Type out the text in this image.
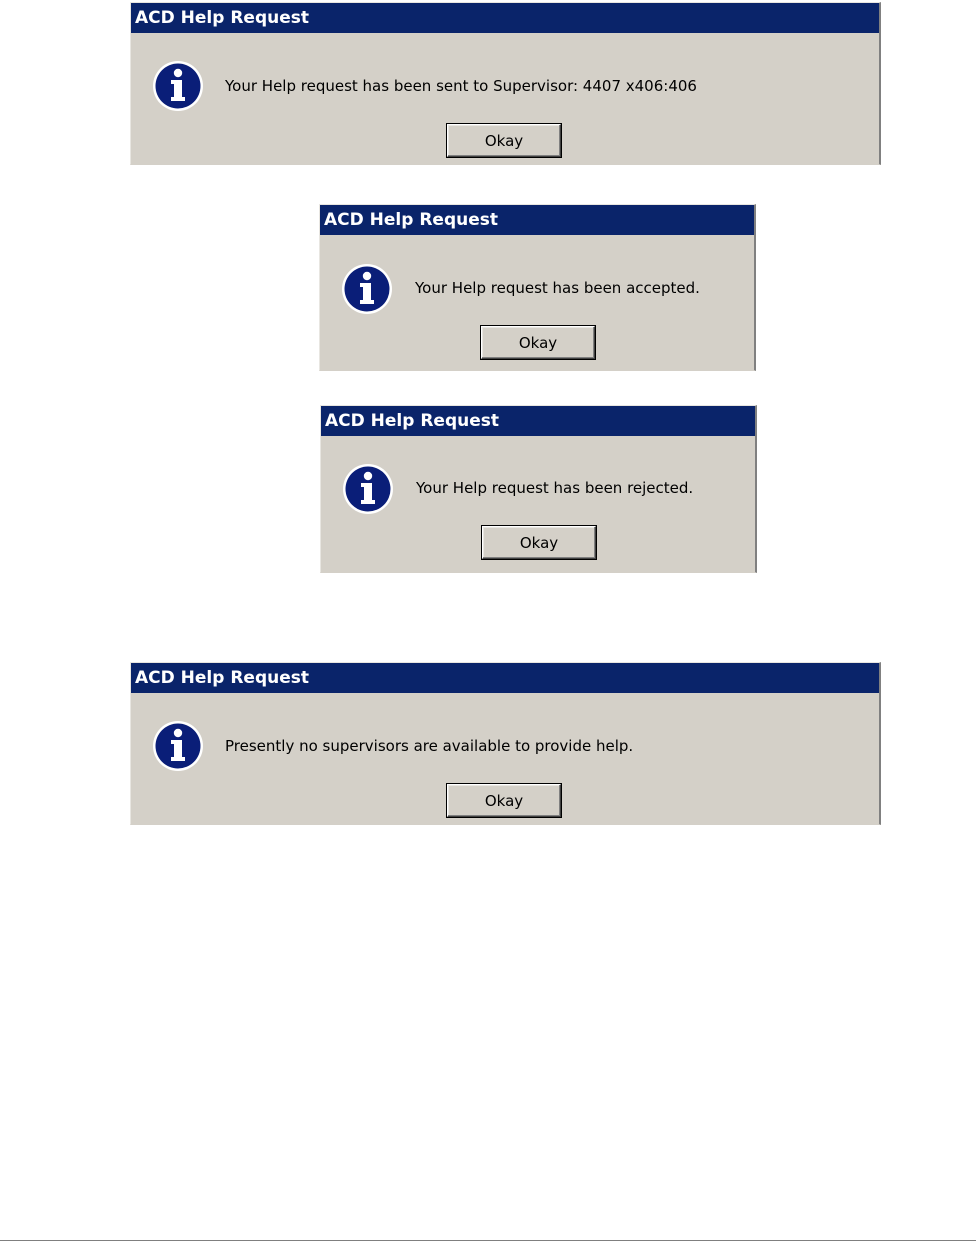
ACD Help Request
Your Help request has been sent to Supervisor: 4407 x406:406
Okay
ACD Help Request
Your Help request has been accepted.
Okay
ACD Help Request
Your Help request has been rejected.
Okay
ACD Help Request
Presently no supervisors are available to provide help.
Okay
